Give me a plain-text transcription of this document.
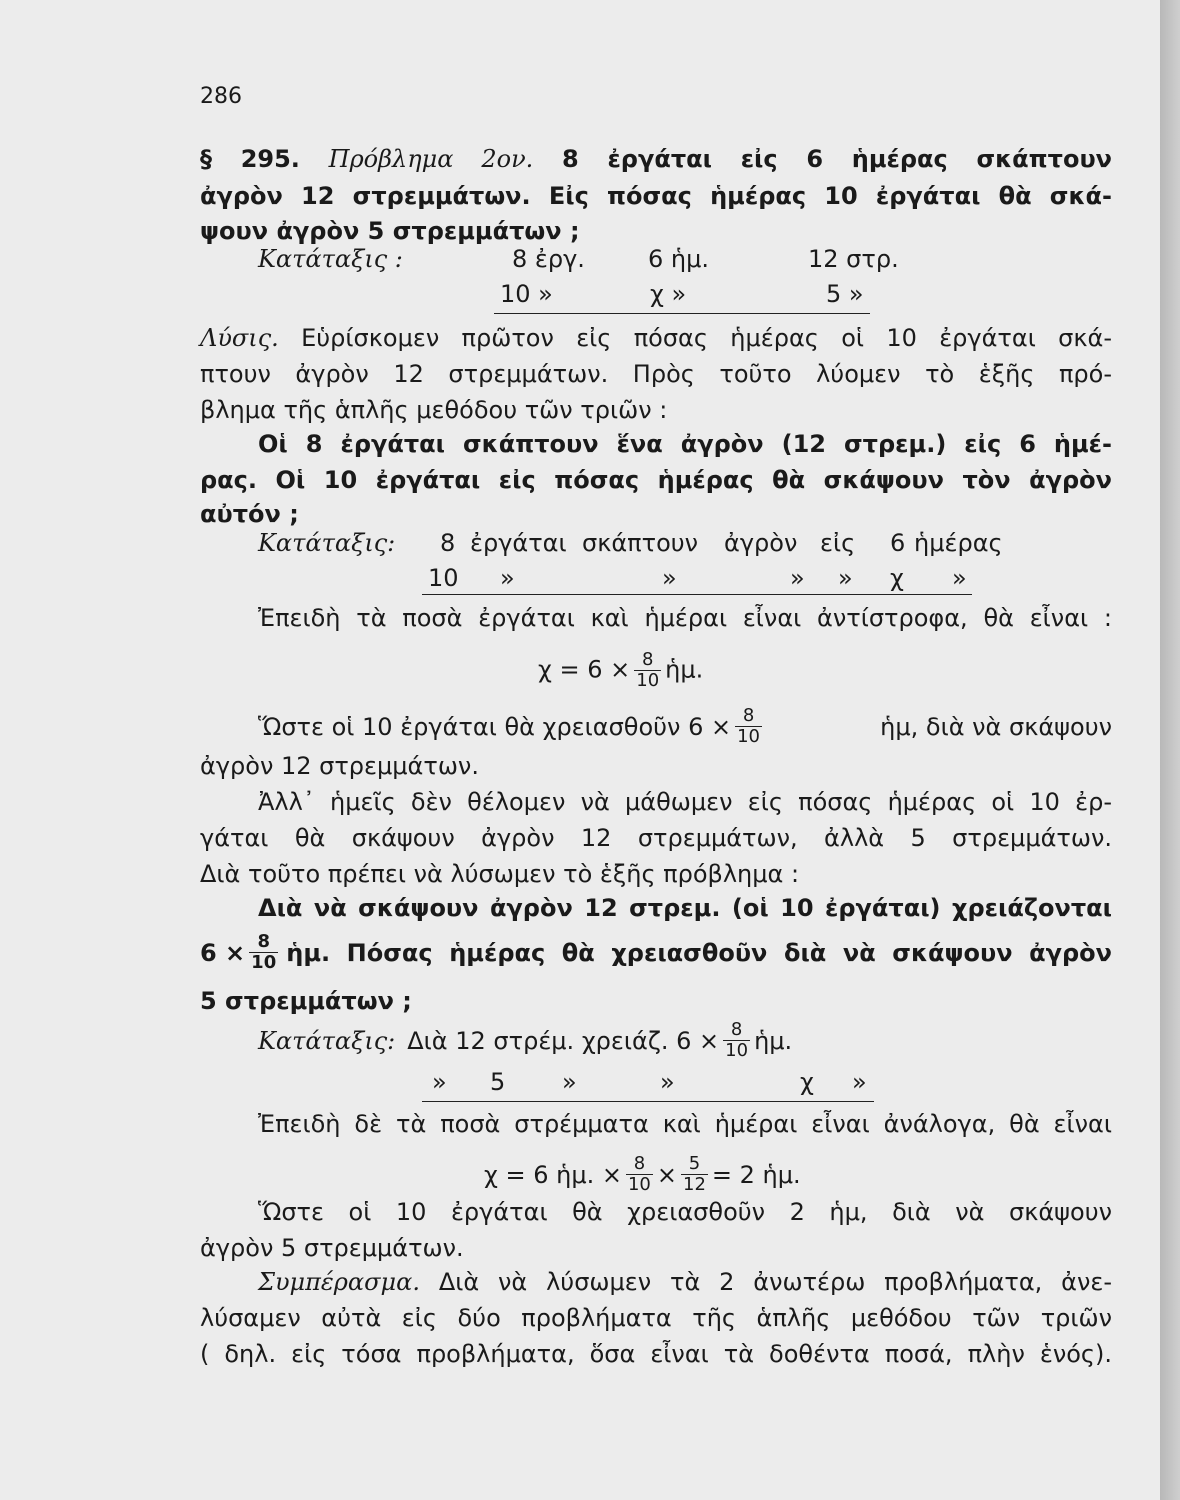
286
§ 295. Πρόβλημα 2ον. 8 ἐργάται εἰς 6 ἡμέρας σκάπτουν
ἀγρὸν 12 στρεμμάτων. Εἰς πόσας ἡμέρας 10 ἐργάται θὰ σκά-
ψουν ἀγρὸν 5 στρεμμάτων ;
Κατάταξις :	8 ἐργ.	6 ἡμ.	12 στρ.
10 »	χ »	5 »
Λύσις. Εὑρίσκομεν πρῶτον εἰς πόσας ἡμέρας οἱ 10 ἐργάται σκά-
πτουν ἀγρὸν 12 στρεμμάτων. Πρὸς τοῦτο λύομεν τὸ ἑξῆς πρό-
βλημα τῆς ἁπλῆς μεθόδου τῶν τριῶν :
Οἱ 8 ἐργάται σκάπτουν ἕνα ἀγρὸν (12 στρεμ.) εἰς 6 ἡμέ-
ρας. Οἱ 10 ἐργάται εἰς πόσας ἡμέρας θὰ σκάψουν τὸν ἀγρὸν
αὐτόν ;
Κατάταξις: 8 ἐργάται σκάπτουν ἀγρὸν εἰς 6 ἡμέρας
10 »	»	» » χ »
Ἐπειδὴ τὰ ποσὰ ἐργάται καὶ ἡμέραι εἶναι ἀντίστροφα, θὰ εἶναι :
$\chi = 6 \times \frac{8}{10}$ ἡμ.
Ὥστε οἱ 10 ἐργάται θὰ χρειασθοῦν $6 \times \frac{8}{10}$	ἡμ, διὰ νὰ σκάψουν
ἀγρὸν 12 στρεμμάτων.
Ἀλλ᾽ ἡμεῖς δὲν θέλομεν νὰ μάθωμεν εἰς πόσας ἡμέρας οἱ 10 ἐρ-
γάται θὰ σκάψουν ἀγρὸν 12 στρεμμάτων, ἀλλὰ 5 στρεμμάτων.
Διὰ τοῦτο πρέπει νὰ λύσωμεν τὸ ἑξῆς πρόβλημα :
Διὰ νὰ σκάψουν ἀγρὸν 12 στρεμ. (οἱ 10 ἐργάται) χρειάζονται
$6 \times \frac{8}{10}$ ἡμ. Πόσας ἡμέρας θὰ χρειασθοῦν διὰ νὰ σκάψουν ἀγρὸν
5 στρεμμάτων ;
Κατάταξις: Διὰ 12 στρέμ. χρειάζ. $6 \times \frac{8}{10}$ ἡμ.
» 5 »	»	χ »
Ἐπειδὴ δὲ τὰ ποσὰ στρέμματα καὶ ἡμέραι εἶναι ἀνάλογα, θὰ εἶναι
χ = 6 ἡμ. × $\frac{8}{10} \times \frac{5}{12} = 2$ ἡμ.
Ὥστε οἱ 10 ἐργάται θὰ χρειασθοῦν 2 ἡμ, διὰ νὰ σκάψουν
ἀγρὸν 5 στρεμμάτων.
Συμπέρασμα. Διὰ νὰ λύσωμεν τὰ 2 ἀνωτέρω προβλήματα, ἀνε-
λύσαμεν αὐτὰ εἰς δύο προβλήματα τῆς ἁπλῆς μεθόδου τῶν τριῶν
( δηλ. εἰς τόσα προβλήματα, ὅσα εἶναι τὰ δοθέντα ποσά, πλὴν ἑνός).
